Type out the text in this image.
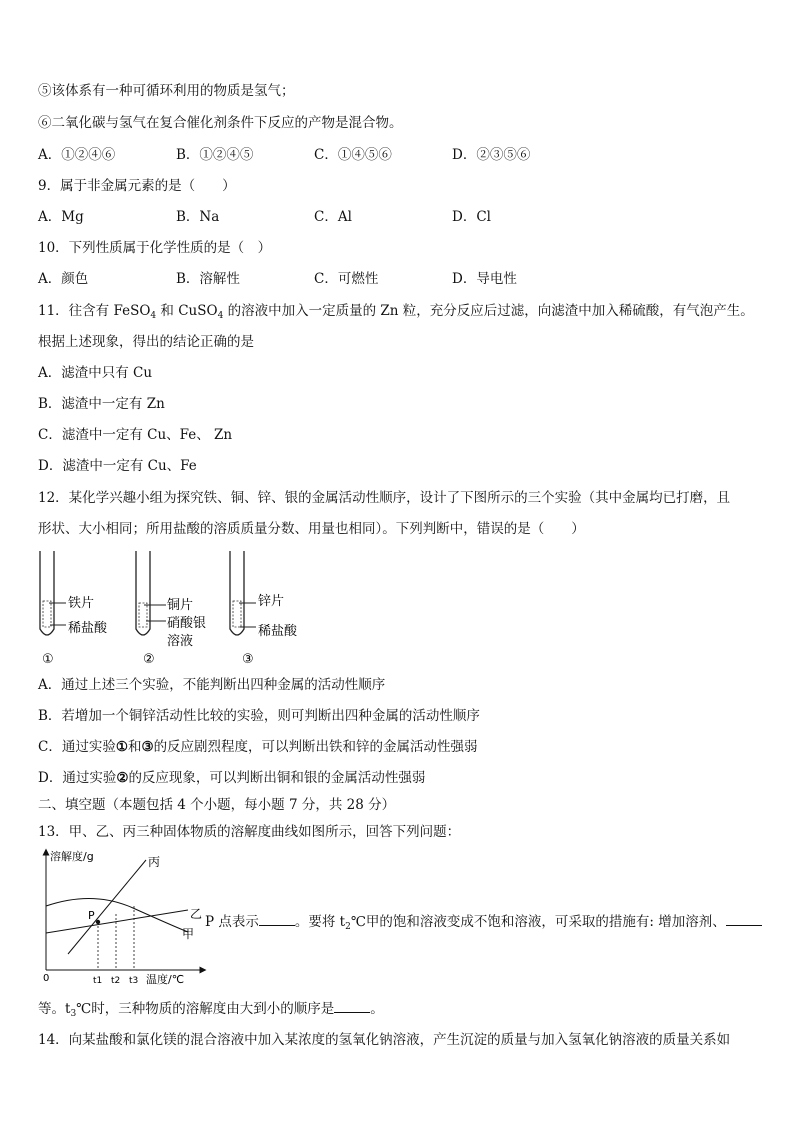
⑤该体系有一种可循环利用的物质是氢气；
⑥二氧化碳与氢气在复合催化剂条件下反应的产物是混合物。
A．①②④⑥	B．①②④⑤	C．①④⑤⑥	D．②③⑤⑥
9．属于非金属元素的是（　　）
A．Mg	B．Na	C．Al	D．Cl
10．下列性质属于化学性质的是（　）
A．颜色	B．溶解性	C．可燃性	D．导电性
11．往含有 FeSO$_4$ 和 CuSO$_4$ 的溶液中加入一定质量的 Zn 粒，充分反应后过滤，向滤渣中加入稀硫酸，有气泡产生。
根据上述现象，得出的结论正确的是
A．滤渣中只有 Cu
B．滤渣中一定有 Zn
C．滤渣中一定有 Cu、Fe、 Zn
D．滤渣中一定有 Cu、Fe
12．某化学兴趣小组为探究铁、铜、锌、银的金属活动性顺序，设计了下图所示的三个实验（其中金属均已打磨，且
形状、大小相同；所用盐酸的溶质质量分数、用量也相同）。下列判断中，错误的是（　　）
铁片
稀盐酸
①
铜片
硝酸银
溶液
②
锌片
稀盐酸
③
A．通过上述三个实验，不能判断出四种金属的活动性顺序
B．若增加一个铜锌活动性比较的实验，则可判断出四种金属的活动性顺序
C．通过实验①和③的反应剧烈程度，可以判断出铁和锌的金属活动性强弱
D．通过实验②的反应现象，可以判断出铜和银的金属活动性强弱
二、填空题（本题包括 4 个小题，每小题 7 分，共 28 分）
13．甲、乙、丙三种固体物质的溶解度曲线如图所示，回答下列问题：
溶解度/g
温度/℃
0
P
丙
乙
甲
t1 t2 t3
P 点表示	。要将 $t_2℃$甲的饱和溶液变成不饱和溶液，可采取的措施有: 增加溶剂、
等。$t_3℃$时，三种物质的溶解度由大到小的顺序是	。
14．向某盐酸和氯化镁的混合溶液中加入某浓度的氢氧化钠溶液，产生沉淀的质量与加入氢氧化钠溶液的质量关系如
